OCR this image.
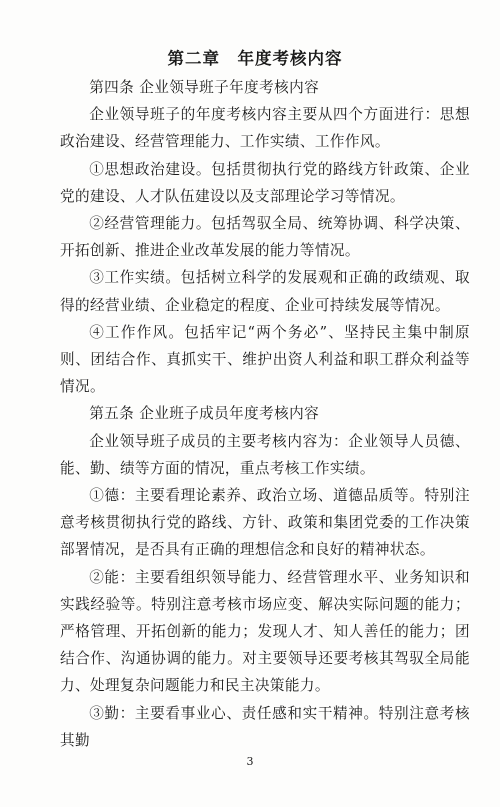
第二章　年度考核内容

第四条 企业领导班子年度考核内容

企业领导班子的年度考核内容主要从四个方面进行：思想政治建设、经营管理能力、工作实绩、工作作风。

①思想政治建设。包括贯彻执行党的路线方针政策、企业党的建设、人才队伍建设以及支部理论学习等情况。

②经营管理能力。包括驾驭全局、统筹协调、科学决策、开拓创新、推进企业改革发展的能力等情况。

③工作实绩。包括树立科学的发展观和正确的政绩观、取得的经营业绩、企业稳定的程度、企业可持续发展等情况。

④工作作风。包括牢记“两个务必”、坚持民主集中制原则、团结合作、真抓实干、维护出资人利益和职工群众利益等情况。

第五条 企业班子成员年度考核内容

企业领导班子成员的主要考核内容为：企业领导人员德、能、勤、绩等方面的情况，重点考核工作实绩。

①德：主要看理论素养、政治立场、道德品质等。特别注意考核贯彻执行党的路线、方针、政策和集团党委的工作决策部署情况，是否具有正确的理想信念和良好的精神状态。

②能：主要看组织领导能力、经营管理水平、业务知识和实践经验等。特别注意考核市场应变、解决实际问题的能力；严格管理、开拓创新的能力；发现人才、知人善任的能力；团结合作、沟通协调的能力。对主要领导还要考核其驾驭全局能力、处理复杂问题能力和民主决策能力。

③勤：主要看事业心、责任感和实干精神。特别注意考核其勤

3
